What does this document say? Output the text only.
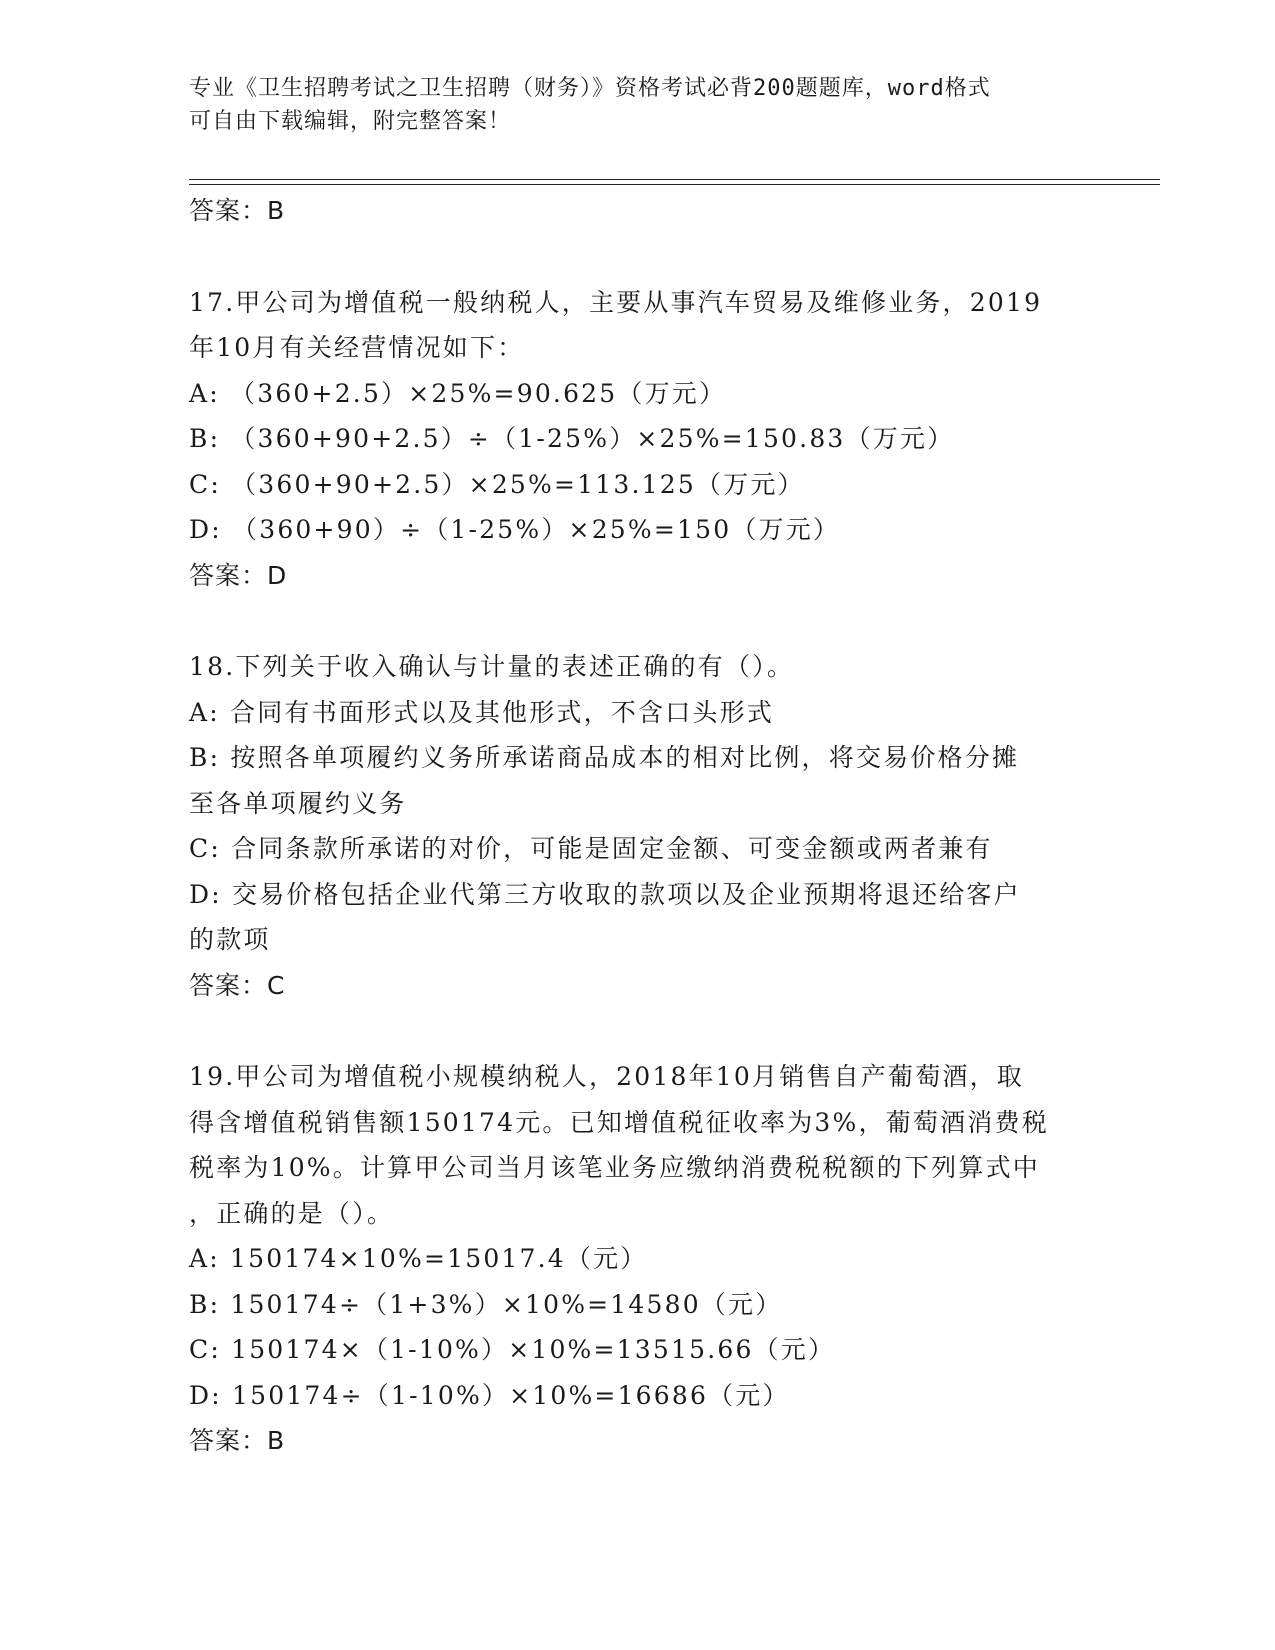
专业《卫生招聘考试之卫生招聘（财务）》资格考试必背200题题库，word格式
可自由下载编辑，附完整答案！
答案：B
17.甲公司为增值税一般纳税人，主要从事汽车贸易及维修业务，2019
年10月有关经营情况如下：
A: （360+2.5）×25%=90.625（万元）
B: （360+90+2.5）÷（1-25%）×25%=150.83（万元）
C: （360+90+2.5）×25%=113.125（万元）
D: （360+90）÷（1-25%）×25%=150（万元）
答案：D
18.下列关于收入确认与计量的表述正确的有（）。
A: 合同有书面形式以及其他形式，不含口头形式
B: 按照各单项履约义务所承诺商品成本的相对比例，将交易价格分摊
至各单项履约义务
C: 合同条款所承诺的对价，可能是固定金额、可变金额或两者兼有
D: 交易价格包括企业代第三方收取的款项以及企业预期将退还给客户
的款项
答案：C
19.甲公司为增值税小规模纳税人，2018年10月销售自产葡萄酒，取
得含增值税销售额150174元。已知增值税征收率为3%，葡萄酒消费税
税率为10%。计算甲公司当月该笔业务应缴纳消费税税额的下列算式中
，正确的是（）。
A: 150174×10%=15017.4（元）
B: 150174÷（1+3%）×10%=14580（元）
C: 150174×（1-10%）×10%=13515.66（元）
D: 150174÷（1-10%）×10%=16686（元）
答案：B
